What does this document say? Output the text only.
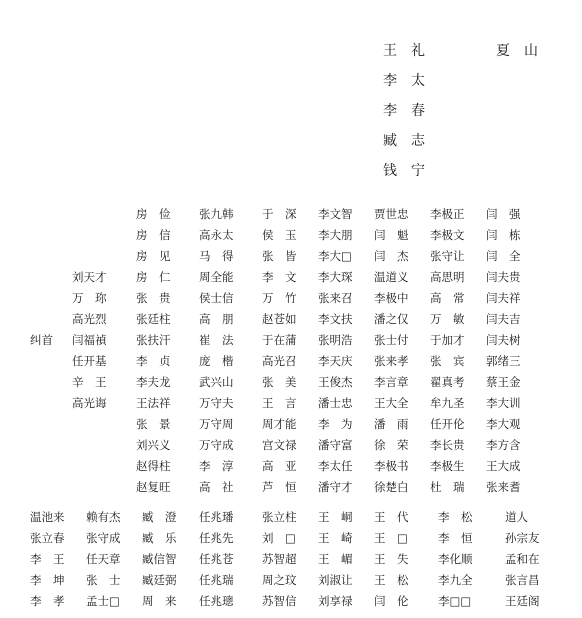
王　礼
李　太
李　春
臧　志
钱　宁
夏　山
房　俭 张九韩 于　深 李文智 贾世忠 李极正 闫　强
房　信 高永太 侯　玉 李大朋 闫　魁 李极文 闫　栋
房　见 马　得 张　皆 李大□ 闫　杰 张守让 闫　全
刘天才	房　仁 周全能 李　文 李大琛 温道义 高思明 闫夫贵
万　珎	张　贵 侯士信 万　竹 张来召 李极中 高　常 闫夫祥
高光烈	张廷柱 高　朋 赵苍如 李文扶 潘之仅 万　敏 闫夫吉
纠首 闫福禎	张扶汗 崔　法 于在蒲 张明浩 张士付 于加才 闫夫树
任开基	李　贞 庞　楷 高光召 李天庆 张来孝 张　宾 郭绪三
辛　王	李夫龙 武兴山 张　美 王俊杰 李言章 翟真考 蔡王金
高光诲	王法祥 万守夫 王　言 潘士忠 王大全 牟九圣 李大训
张　景 万守周 周才能 李　为 潘　雨 任开伦 李大观
刘兴义 万守成 宫文禄 潘守富 徐　荣 李长贵 李方含
赵得柱 李　淳 高　亚 李太任 李极书 李极生 王大成
赵复旺 高　社 芦　恒 潘守才 徐楚白 杜　瑞 张来耆
温池来 赖有杰 臧　澄 任兆璠 张立柱 王　峒 王　代	李　松	道人
张立春 张守成 臧　乐 任兆先 刘　□ 王　崎 王　□	李　恒	孙宗友
李　王 任天章 臧信智 任兆苍 苏智超 王　嵋 王　失	李化顺	孟和在
李　坤 张　士 臧廷弼 任兆瑞 周之玟 刘淑让 王　松	李九全	张言昌
李　孝 孟士□ 周　来 任兆璁 苏智信 刘享禄 闫　伦	李□□	王廷阁
